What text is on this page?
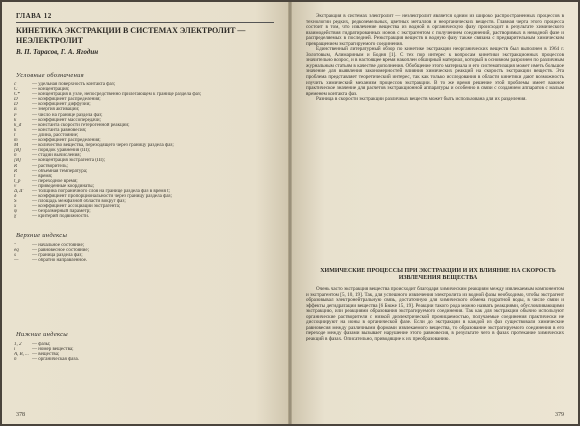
ГЛАВА 12
КИНЕТИКА ЭКСТРАКЦИИ В СИСТЕМАХ ЭЛЕКТРОЛИТ — НЕЭЛЕКТРОЛИТ
В. П. Тарасов, Г. А. Ягодин
Условные обозначения
c	— удельная поверхность контакта фаз;
C	— концентрация;
C*	— концентрация в узле, непосредственно прилегающем к границе раздела фаз;
D	— коэффициент распределения;
D	— коэффициент диффузии;
E	— энергия активации;
F	— число на границе раздела фаз;
k	— коэффициент массопередачи;
k_d	— константа скорости гетерогенной реакции;
k	— константа равновесия;
l	— длина, расстояние;
m	— коэффициент распределения;
M	— количество вещества, переходящего через границу раздела фаз;
[B]	— порядок уравнения (III);
n	— стадии вычисления;
[В]	— концентрация экстрагента (III);
R	— растворитель;
R	— объемная температура;
t	— время;
t_p	— переходное время;
v	— приведенные координаты;
Δ, Δ'	— толщина пограничного слоя на границе раздела фаз в время t;
δ	— коэффициент пропорциональности через границу раздела фаз;
S	— площадь межфазной области вокруг фаз;
x	— коэффициент ассоциации экстрагента;
ψ	— безразмерный параметр;
χ	— критерий подвижности.
Верхние индексы
°	— начальное состояние;
eq	— равновесное состояние;
s	— граница раздела фаз;
—	— обратно направленное.
Нижние индексы
1, 2	— фазы;
i	— номер вещества;
A, B, ... — вещества;
n	— органическая фаза.
378

Экстракция в системах электролит — неэлектролит является одним из широко распространенных процессов в технологии редких, редкоземельных, цветных металлов и неорганических веществ. Главная черта этого процесса состоит в том, что извлечение вещества из водной в органическую фазу происходит в результате химического взаимодействия гидратированных ионов с экстрагентом с получением соединений, растворимых в неводной фазе и распределяемых в последней. Реэкстракция веществ в водную фазу также связана с предварительным химическим превращением экстрагируемого соединения.

Единственный литературный обзор по кинетике экстракции неорганических веществ был выполнен в 1964 г. Золотовым, Алимариным и Бодня [1]. С тех пор интерес к вопросам кинетики экстракционных процессов значительно возрос, и в настоящее время накоплен обширный материал, который в основном разрознен по различным журнальным статьям в качестве дополнения. Обобщение этого материала и его систематизация может иметь большое значение для выявления закономерностей влияния химических реакций на скорость экстракции веществ. Эта проблема представляет теоретический интерес, так как только исследования в области кинетики дают возможность изучить химический механизм процессов экстракции. В то же время решение этой проблемы имеет важное практическое значение для расчетов экстракционной аппаратуры и особенно в связи с созданием аппаратов с малым временем контакта фаз.

Разница в скорости экстракции различных веществ может быть использована для их разделения.

ХИМИЧЕСКИЕ ПРОЦЕССЫ ПРИ ЭКСТРАКЦИИ И ИХ ВЛИЯНИЕ НА СКОРОСТЬ ИЗВЛЕЧЕНИЯ ВЕЩЕСТВА

Очень часто экстракция вещества происходит благодаря химическим реакциям между извлекаемым компонентом и экстрагентом [5, 10, 19]. Так, для успешного извлечения электролита из водной фазы необходимо, чтобы экстрагент образовывал электронейтральную связь, достаточную для химического обмена гидратной воды, в числе связи и эффекты дегидратации вещества [6 Бюже 15, 19]. Реакции такого рода можно назвать реакциями, обусловливающими экстракцию, или реакциями образования экстрагируемого соединения. Так как для экстракции обычно используют органические растворители с низкой диэлектрической проницаемостью, получаемые соединения практически не диссоциируют на ионы в органической фазе. Если до экстракции в каждой из фаз существовали химические равновесия между различными формами извлекаемого вещества, то образование экстрагируемого соединения в его переходе между фазами вызывает нарушение этого равновесия, в результате чего в фазах протекание химических реакций в фазах. Описательно, приводящие к их преобразованию.

379
